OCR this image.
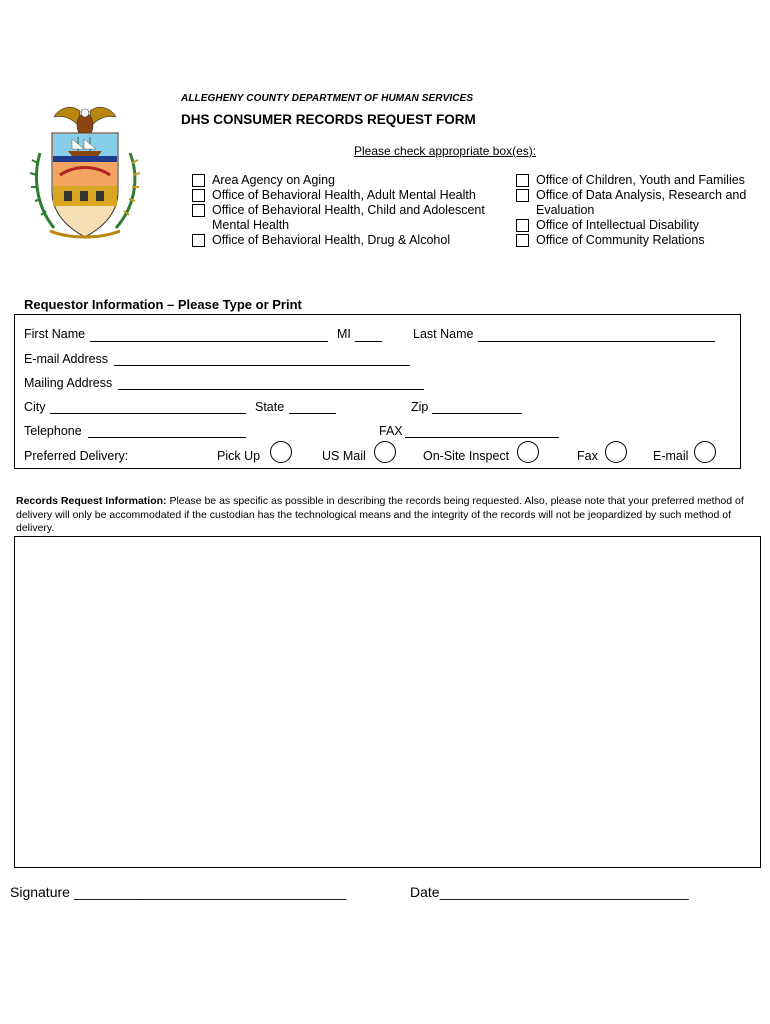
ALLEGHENY COUNTY DEPARTMENT OF HUMAN SERVICES
DHS CONSUMER RECORDS REQUEST FORM
Please check appropriate box(es):
Area Agency on Aging
Office of Behavioral Health, Adult Mental Health
Office of Behavioral Health, Child and Adolescent
Mental Health
Office of Behavioral Health, Drug & Alcohol
Office of Children, Youth and Families
Office of Data Analysis, Research and
Evaluation
Office of Intellectual Disability
Office of Community Relations
Requestor Information – Please Type or Print
First Name	MI	Last Name
E-mail Address
Mailing Address
City	State	Zip
Telephone	FAX
Preferred Delivery:	Pick Up	US Mail	On-Site Inspect	Fax	E-mail
Records Request Information: Please be as specific as possible in describing the records being requested. Also, please note that your preferred method of delivery will only be accommodated if the custodian has the technological means and the integrity of the records will not be jeopardized by such method of delivery.
Signature ___________________________________	Date________________________________
